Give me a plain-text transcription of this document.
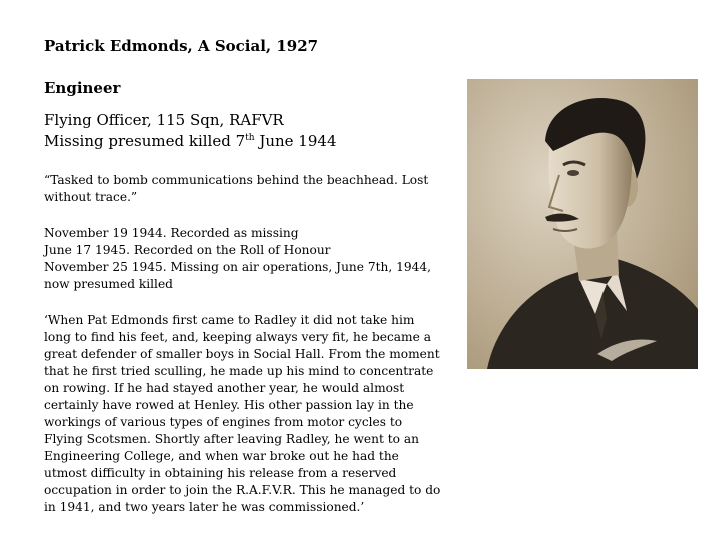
Patrick Edmonds, A Social, 1927

Engineer

Flying Officer, 115 Sqn, RAFVR
Missing presumed killed 7th June 1944

“Tasked to bomb communications behind the beachhead. Lost without trace.”

November 19 1944. Recorded as missing
June 17 1945. Recorded on the Roll of Honour
November 25 1945. Missing on air operations, June 7th, 1944, now presumed killed

‘When Pat Edmonds first came to Radley it did not take him long to find his feet, and, keeping always very fit, he became a great defender of smaller boys in Social Hall. From the moment that he first tried sculling, he made up his mind to concentrate on rowing. If he had stayed another year, he would almost certainly have rowed at Henley. His other passion lay in the workings of various types of engines from motor cycles to Flying Scotsmen. Shortly after leaving Radley, he went to an Engineering College, and when war broke out he had the utmost difficulty in obtaining his release from a reserved occupation in order to join the R.A.F.V.R. This he managed to do in 1941, and two years later he was commissioned.’
